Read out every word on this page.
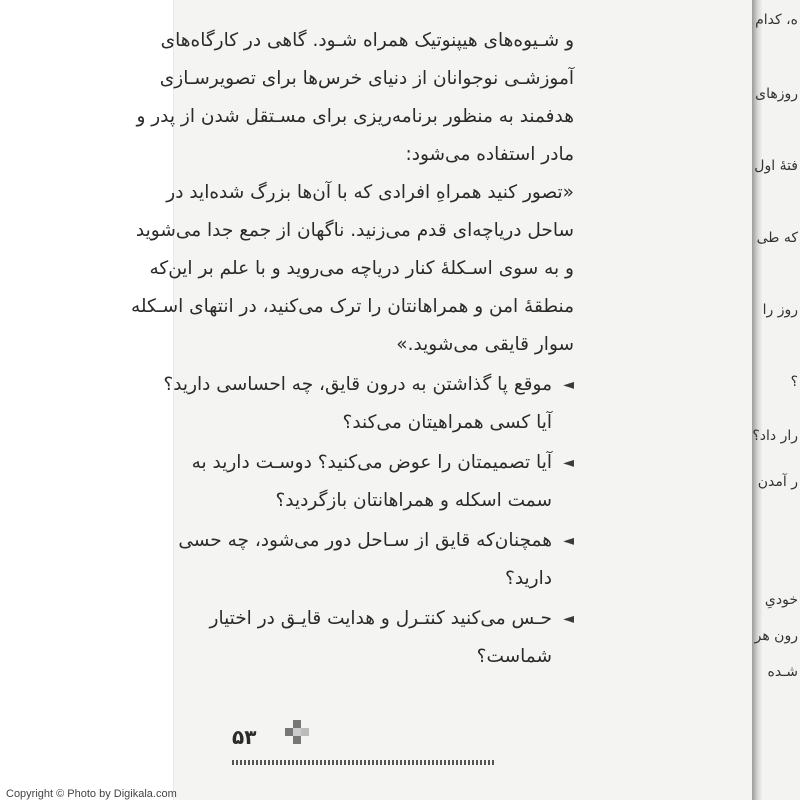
ه، کدام
روزهای
فتهٔ اول
که طی
روز را
؟
رار داد؟
ر آمدن
خودیِ
رون هر
شـده
و شـیوه‌های هیپنوتیک همراه شـود. گاهی در کارگاه‌های
آموزشـی نوجوانان از دنیای خرس‌ها برای تصویرسـازی
هدفمند به منظور برنامه‌ریزی برای مسـتقل شدن از پدر و
مادر استفاده می‌شود:
«تصور کنید همراهِ افرادی که با آن‌ها بزرگ شده‌اید در
ساحل دریاچه‌ای قدم می‌زنید. ناگهان از جمع جدا می‌شوید
و به سوی اسـکلهٔ کنار دریاچه می‌روید و با علم بر این‌که
منطقهٔ امن و همراهانتان را ترک می‌کنید، در انتهای اسـکله
سوار قایقی می‌شوید.»
◄
موقع پا گذاشتن به درون قایق، چه احساسی دارید؟
آیا کسی همراهیتان می‌کند؟
◄
آیا تصمیمتان را عوض می‌کنید؟ دوسـت دارید به
سمت اسکله و همراهانتان بازگردید؟
◄
همچنان‌که قایق از سـاحل دور می‌شود، چه حسی
دارید؟
◄
حـس می‌کنید کنتـرل و هدایت قایـق در اختیار
شماست؟
۵۳
Copyright © Photo by Digikala.com
